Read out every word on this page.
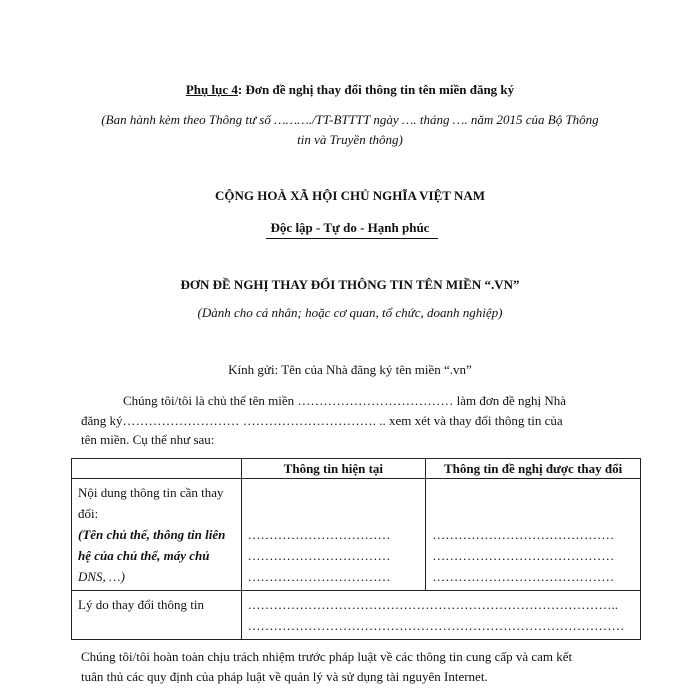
Phụ lục 4: Đơn đề nghị thay đổi thông tin tên miền đăng ký
(Ban hành kèm theo Thông tư số ………./TT-BTTTT ngày …. tháng …. năm 2015 của Bộ Thông
tin và Truyền thông)
CỘNG HOÀ XÃ HỘI CHỦ NGHĨA VIỆT NAM
Độc lập - Tự do - Hạnh phúc
ĐƠN ĐỀ NGHỊ THAY ĐỔI THÔNG TIN TÊN MIỀN “.VN”
(Dành cho cá nhân; hoặc cơ quan, tổ chức, doanh nghiệp)
Kính gửi: Tên của Nhà đăng ký tên miền “.vn”
Chúng tôi/tôi là chủ thể tên miền ……………………………… làm đơn đề nghị Nhà
đăng ký……………………… …………………………. .. xem xét và thay đổi thông tin của
tên miền. Cụ thể như sau:
	Thông tin hiện tại	Thông tin đề nghị được thay đổi

Nội dung thông tin cần thay
đổi:
(Tên chủ thể, thông tin liên
hệ của chủ thể, máy chủ
DNS, …)	……………………………
……………………………
……………………………	……………………………………
……………………………………
……………………………………

Lý do thay đổi thông tin	…………………………………………………………………………..
……………………………………………………………………………	
Chúng tôi/tôi hoàn toàn chịu trách nhiệm trước pháp luật về các thông tin cung cấp và cam kết
tuân thủ các quy định của pháp luật về quản lý và sử dụng tài nguyên Internet.
